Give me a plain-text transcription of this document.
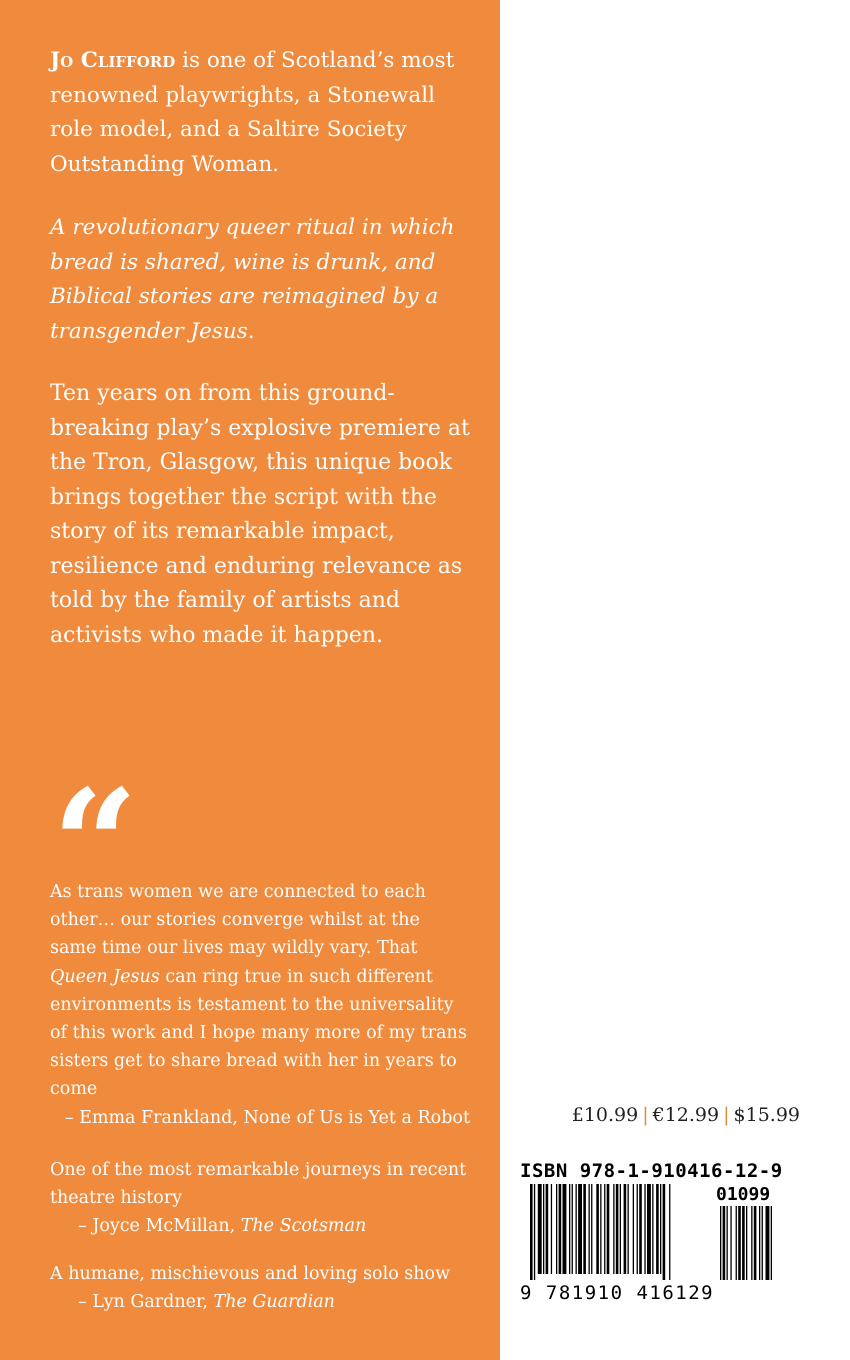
Jo Clifford is one of Scotland’s most renowned playwrights, a Stonewall role model, and a Saltire Society Outstanding Woman.
A revolutionary queer ritual in which bread is shared, wine is drunk, and Biblical stories are reimagined by a transgender Jesus.
Ten years on from this ground-breaking play’s explosive premiere at the Tron, Glasgow, this unique book brings together the script with the story of its remarkable impact, resilience and enduring relevance as told by the family of artists and activists who made it happen.
“
As trans women we are connected to each other… our stories converge whilst at the same time our lives may wildly vary. That Queen Jesus can ring true in such different environments is testament to the universality of this work and I hope many more of my trans sisters get to share bread with her in years to come
– Emma Frankland, None of Us is Yet a Robot
One of the most remarkable journeys in recent theatre history
– Joyce McMillan, The Scotsman
A humane, mischievous and loving solo show
– Lyn Gardner, The Guardian
£10.99 | €12.99 | $15.99
ISBN 978-1-910416-12-9
01099
9 781910 416129
